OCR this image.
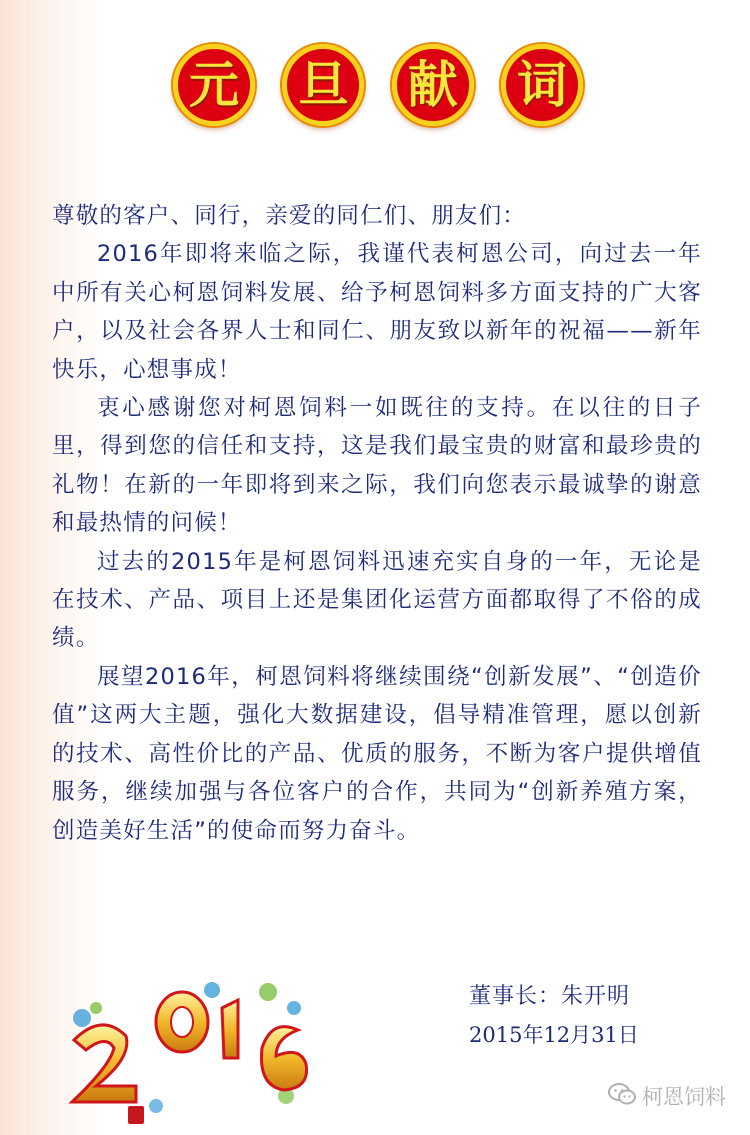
元 旦 献 词

尊敬的客户、同行，亲爱的同仁们、朋友们：

2016年即将来临之际，我谨代表柯恩公司，向过去一年中所有关心柯恩饲料发展、给予柯恩饲料多方面支持的广大客户，以及社会各界人士和同仁、朋友致以新年的祝福——新年快乐，心想事成！

衷心感谢您对柯恩饲料一如既往的支持。在以往的日子里，得到您的信任和支持，这是我们最宝贵的财富和最珍贵的礼物！在新的一年即将到来之际，我们向您表示最诚挚的谢意和最热情的问候！

过去的2015年是柯恩饲料迅速充实自身的一年，无论是在技术、产品、项目上还是集团化运营方面都取得了不俗的成绩。

展望2016年，柯恩饲料将继续围绕“创新发展”、“创造价值”这两大主题，强化大数据建设，倡导精准管理，愿以创新的技术、高性价比的产品、优质的服务，不断为客户提供增值服务，继续加强与各位客户的合作，共同为“创新养殖方案，创造美好生活”的使命而努力奋斗。

董事长：朱开明
2015年12月31日
柯恩饲料
